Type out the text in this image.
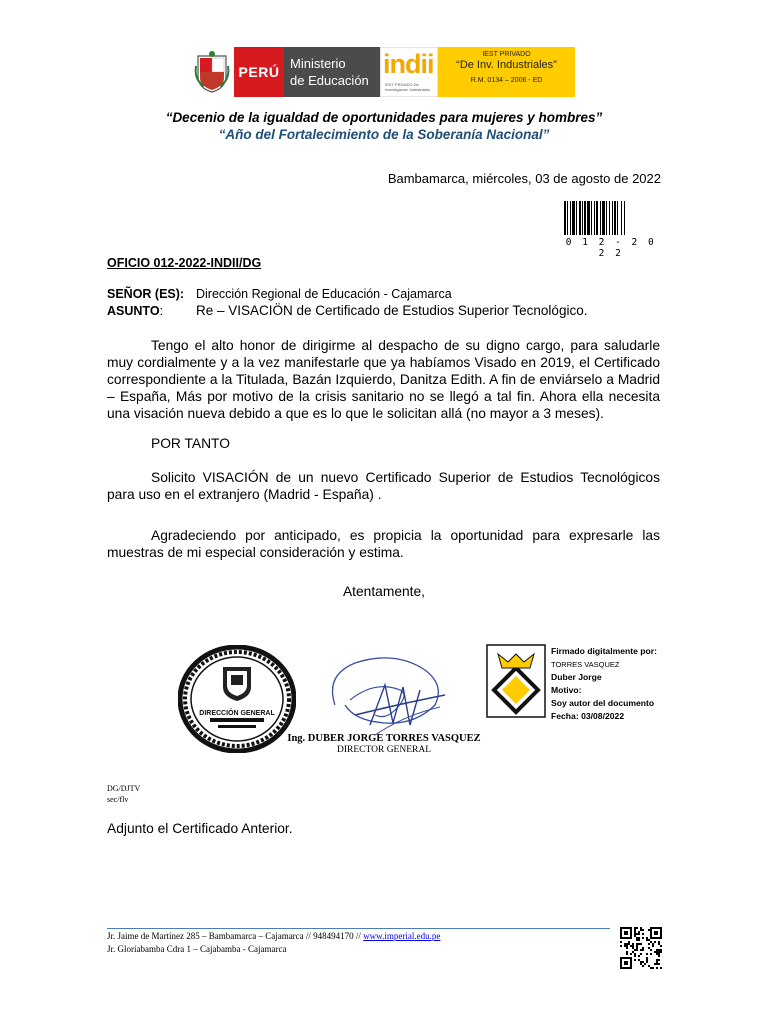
PERÚ
Ministerio
de Educación
indii
IEST PRIVADO De Investigación Industriales
IEST PRIVADO
“De Inv. Industriales”
R.M. 0134 – 2006 - ED
“Decenio de la igualdad de oportunidades para mujeres y hombres”
“Año del Fortalecimiento de la Soberanía Nacional”
Bambamarca, miércoles, 03 de agosto de 2022
0 1 2 - 2 0 2 2
OFICIO 012-2022-INDII/DG
SEÑOR (ES): Dirección Regional de Educación - Cajamarca
ASUNTO: Re – VISACIÖN de Certificado de Estudios Superior Tecnológico.
Tengo el alto honor de dirigirme al despacho de su digno cargo, para saludarle muy cordialmente y a la vez manifestarle que ya habíamos Visado en 2019, el Certificado correspondiente a la Titulada, Bazán Izquierdo, Danitza Edith. A fin de enviárselo a Madrid – España, Más por motivo de la crisis sanitario no se llegó a tal fin. Ahora ella necesita una visación nueva debido a que es lo que le solicitan allá (no mayor a 3 meses).
POR TANTO
Solicito VISACIÓN de un nuevo Certificado Superior de Estudios Tecnológicos para uso en el extranjero (Madrid - España) .
Agradeciendo por anticipado, es propicia la oportunidad para expresarle las muestras de mi especial consideración y estima.
Atentamente,
DIRECCIÓN GENERAL
Ing. DUBER JORGE TORRES VASQUEZ
DIRECTOR GENERAL
Firmado digitalmente por:
TORRES VASQUEZ
Duber Jorge
Motivo:
Soy autor del documento
Fecha: 03/08/2022
DG/DJTV
sec/flv
Adjunto el Certificado Anterior.
Jr. Jaime de Martínez 285 – Bambamarca – Cajamarca // 948494170 // www.imperial.edu.pe
Jr. Gloriabamba Cdra 1 – Cajabamba - Cajamarca
